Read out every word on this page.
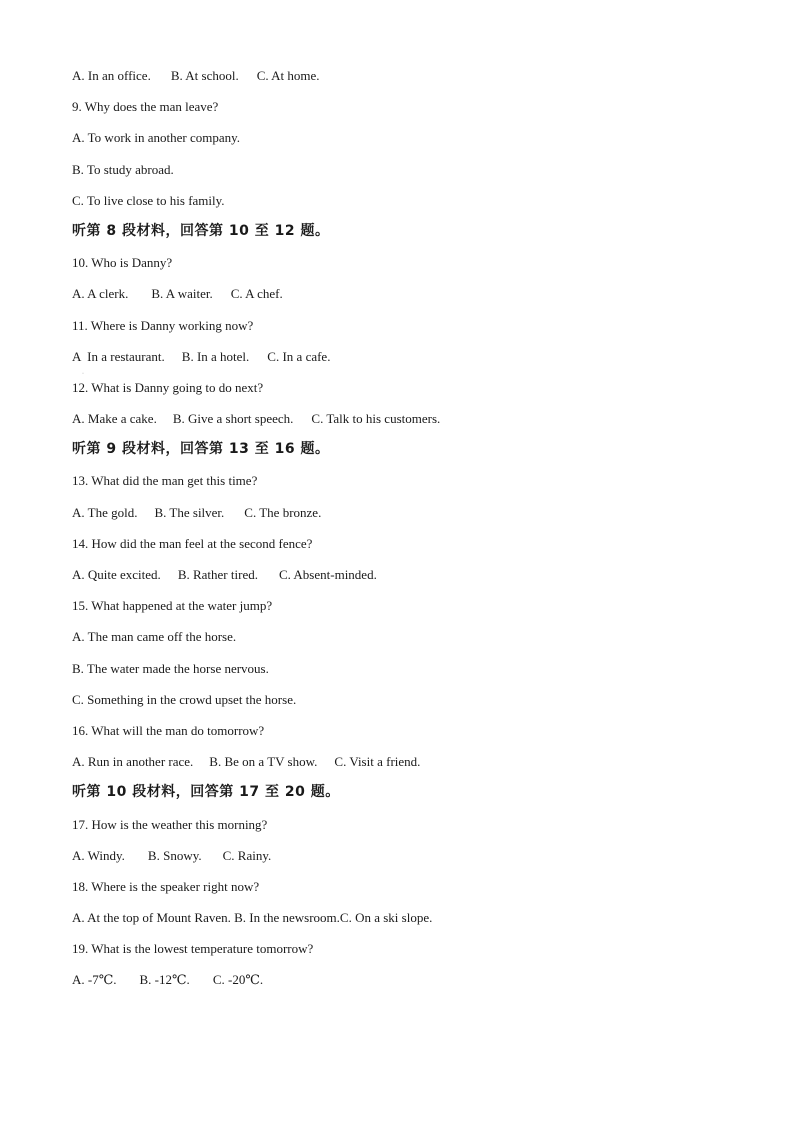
A. In an office. B. At school. C. At home.
9. Why does the man leave?
A. To work in another company.
B. To study abroad.
C. To live close to his family.
听第 8 段材料，回答第 10 至 12 题。
10. Who is Danny?
A. A clerk. B. A waiter. C. A chef.
11. Where is Danny working now?
A  In a restaurant. B. In a hotel. C. In a cafe.
12. What is Danny going to do next?
A. Make a cake. B. Give a short speech. C. Talk to his customers.
听第 9 段材料，回答第 13 至 16 题。
13. What did the man get this time?
A. The gold. B. The silver. C. The bronze.
14. How did the man feel at the second fence?
A. Quite excited. B. Rather tired. C. Absent-minded.
15. What happened at the water jump?
A. The man came off the horse.
B. The water made the horse nervous.
C. Something in the crowd upset the horse.
16. What will the man do tomorrow?
A. Run in another race. B. Be on a TV show. C. Visit a friend.
听第 10 段材料，回答第 17 至 20 题。
17. How is the weather this morning?
A. Windy. B. Snowy. C. Rainy.
18. Where is the speaker right now?
A. At the top of Mount Raven. B. In the newsroom.C. On a ski slope.
19. What is the lowest temperature tomorrow?
A. -7℃. B. -12℃. C. -20℃.
·
